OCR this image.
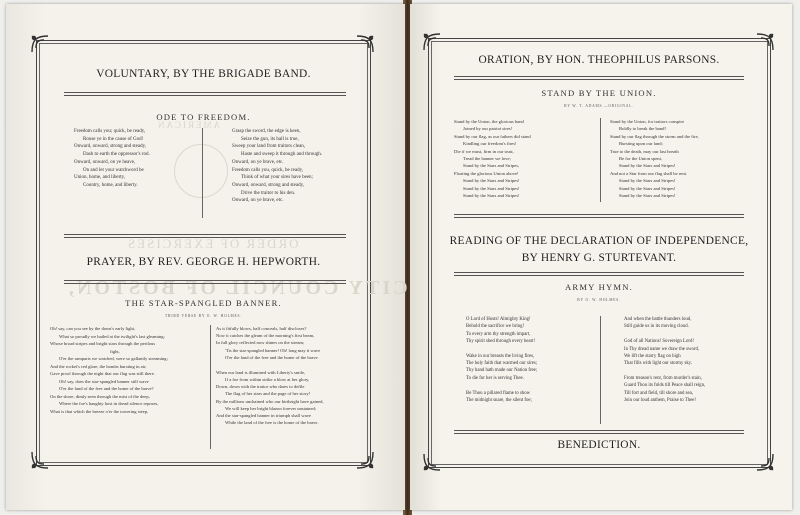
AMERICAN
ORDER OF EXERCISES
CITY COUNCIL OF BOSTON,
VOLUNTARY, BY THE BRIGADE BAND.
ODE TO FREEDOM.
Freedom calls you; quick, be ready,
Rouse ye in the cause of God!
Onward, onward, strong and steady,
Dash to earth the oppressor's rod.
Onward, onward, on ye heave,
On and let your watchword be
Union, home, and liberty,
Country, home, and liberty.
Grasp the sword, the edge is keen,
Seize the gun, its ball is true,
Sweep your land from traitors clean,
Haste and sweep it through and through.
Onward, on ye brave, etc.
Freedom calls you, quick, be ready,
Think of what your sires have been;
Onward, onward, strong and steady,
Drive the traitor to his den.
Onward, on ye brave, etc.
PRAYER, BY REV. GEORGE H. HEPWORTH.
THE STAR-SPANGLED BANNER.
THIRD VERSE BY O. W. HOLMES.
Oh! say, can you see by the dawn's early light,
What so proudly we hailed at the twilight's last gleaming;
Whose broad stripes and bright stars through the perilous
fight,
O'er the ramparts we watched, were so gallantly streaming;
And the rocket's red glare, the bombs bursting in air,
Gave proof through the night that our flag was still there.
Oh! say, does the star-spangled banner still wave
O'er the land of the free and the home of the brave?
On the shore, dimly seen through the mist of the deep,
Where the foe's haughty host in dread silence reposes,
What is that which the breeze o'er the towering steep,
As it fitfully blows, half conceals, half discloses?
Now it catches the gleam of the morning's first beam,
In full glory reflected now shines on the stream;
'Tis the star-spangled banner! Oh! long may it wave
O'er the land of the free and the home of the brave.
When our land is illumined with Liberty's smile,
If a foe from within strike a blow at her glory,
Down, down with the traitor who dares to defile
The flag of her stars and the page of her story!
By the millions unchained who our birthright have gained,
We will keep her bright blazon forever unstained;
And the star-spangled banner in triumph shall wave
While the land of the free is the home of the brave.
ORATION, BY HON. THEOPHILUS PARSONS.
STAND BY THE UNION.
BY W. T. ADAMS.—ORIGINAL.
Stand by the Union, the glorious band
Joined by our patriot sires!
Stand by our flag, as our fathers did stand
Kindling our freedom's fires!
Die if we must, firm in our trust,
Tread the banner we love;
Stand by the Stars and Stripes,
Floating the glorious Union above!
Stand by the Stars and Stripes!
Stand by the Stars and Stripes!
Stand by the Stars and Stripes!
Stand by the Union, for traitors conspire
Boldly to break the band!
Stand by our flag through the storm and the fire,
Bursting upon our land;
True to the death, may our last breath
Be for the Union spent,
Stand by the Stars and Stripes!
And not a Star from our flag shall be rent.
Stand by the Stars and Stripes!
Stand by the Stars and Stripes!
Stand by the Stars and Stripes!
READING OF THE DECLARATION OF INDEPENDENCE,
BY HENRY G. STURTEVANT.
ARMY HYMN.
BY O. W. HOLMES.
O Lord of Hosts! Almighty King!
Behold the sacrifice we bring!
To every arm thy strength impart,
Thy spirit shed through every heart!
Wake in our breasts the living fires,
The holy faith that warmed our sires;
Thy hand hath made our Nation free;
To die for her is serving Thee.
Be Thou a pillared flame to show
The midnight snare, the silent foe;
And when the battle thunders loud,
Still guide us in its moving cloud.
God of all Nations! Sovereign Lord!
In Thy dread name we draw the sword,
We lift the starry flag on high
That fills with light our stormy sky.
From treason's rent, from murder's stain,
Guard Thou its folds till Peace shall reign,
Till fort and field, till shore and sea,
Join our loud anthem, Praise to Thee!
BENEDICTION.
